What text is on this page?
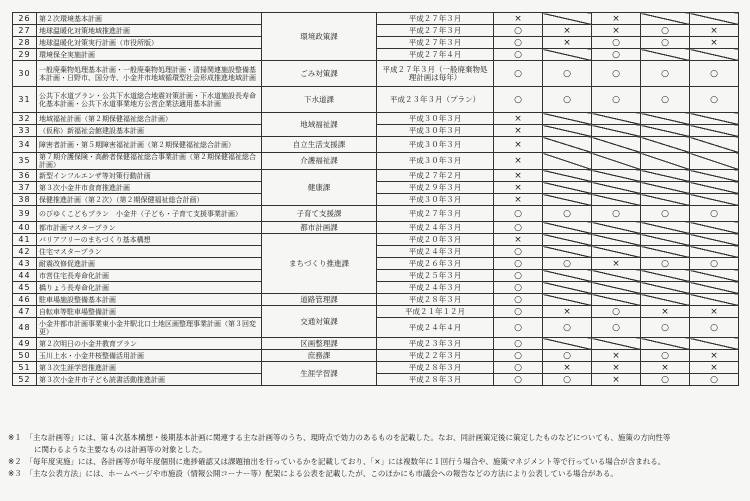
26	第２次環境基本計画	環境政策課	平成２７年３月	×		×		
27	地球温暖化対策地域推進計画		平成２７年３月	○	×	×	○	×
28	地球温暖化対策実行計画（市役所版）		平成２７年３月	○	×	○	○	×
29	環境保全実施計画		平成２７年４月	○		○		
30	一般廃棄物処理基本計画・一般廃棄物処理計画・清掃関連施設整備基本計画・日野市、国分寺、小金井市地域循環型社会形成推進地域計画	ごみ対策課	平成２７年３月（一般廃棄物処理計画は毎年）	○	○	○	○	○
31	公共下水道プラン・公共下水道総合地震対策計画・下水道施設長寿命化基本計画・公共下水道事業地方公営企業法適用基本計画	下水道課	平成２３年３月（プラン）	○	○	○	○	○
32	地域福祉計画（第２期保健福祉総合計画）	地域福祉課	平成３０年３月	×				
33	（仮称）新福祉会館建設基本計画		平成３０年３月	×				
34	障害者計画・第５期障害福祉計画（第２期保健福祉総合計画）	自立生活支援課	平成３０年３月	×				
35	第７期介護保険・高齢者保健福祉総合事業計画（第２期保健福祉総合計画）	介護福祉課	平成３０年３月	×				
36	新型インフルエンザ等対策行動計画	健康課	平成２７年２月	×				
37	第３次小金井市食育推進計画		平成２９年３月	×				
38	保健推進計画（第２次）（第２期保健福祉総合計画）		平成３０年３月	×				
39	のびゆくこどもプラン　小金井（子ども・子育て支援事業計画）	子育て支援課	平成２７年３月	○	○	○	○	○
40	都市計画マスタープラン	都市計画課	平成２４年３月	○				
41	バリアフリーのまちづくり基本構想	まちづくり推進課	平成２０年３月	×				
42	住宅マスタープラン		平成２４年３月	○				
43	耐震改修促進計画		平成２６年３月	○	○	×	○	○
44	市営住宅長寿命化計画		平成２５年３月	○				
45	橋りょう長寿命化計画		平成２４年３月	○				
46	駐車場施設整備基本計画	道路管理課	平成２８年３月	○				
47	自転車等駐車場整備計画	交通対策課	平成２１年１２月	○	×	○	×	×
48	小金井都市計画事業東小金井駅北口土地区画整理事業計画（第３回変更）		平成２４年４月	○	○	○	○	○
49	第２次明日の小金井教育プラン	区画整理課	平成２３年３月	○				
50	玉川上水・小金井桜整備活用計画	庶務課	平成２２年３月	○	○	×	○	×
51	第３次生涯学習推進計画	生涯学習課	平成２８年３月	○	×	×	×	×
52	第３次小金井市子ども読書活動推進計画		平成２８年３月	○	○	×	○	○
※１　「主な計画等」には、第４次基本構想・後期基本計画に関連する主な計画等のうち、現時点で効力のあるものを記載した。なお、同計画策定後に策定したものなどについても、施策の方向性等
に関わるような主要なものは計画等の対象とした。
※２　「毎年度実施」には、各計画等が毎年度個別に進捗確認又は課題抽出を行っているかを記載しており、「×」には複数年に１回行う場合や、施策マネジメント等で行っている場合が含まれる。
※３　「主な公表方法」には、ホームページや市施設（情報公開コーナー等）配架による公表を記載したが、このほかにも市議会への報告などの方法により公表している場合がある。
